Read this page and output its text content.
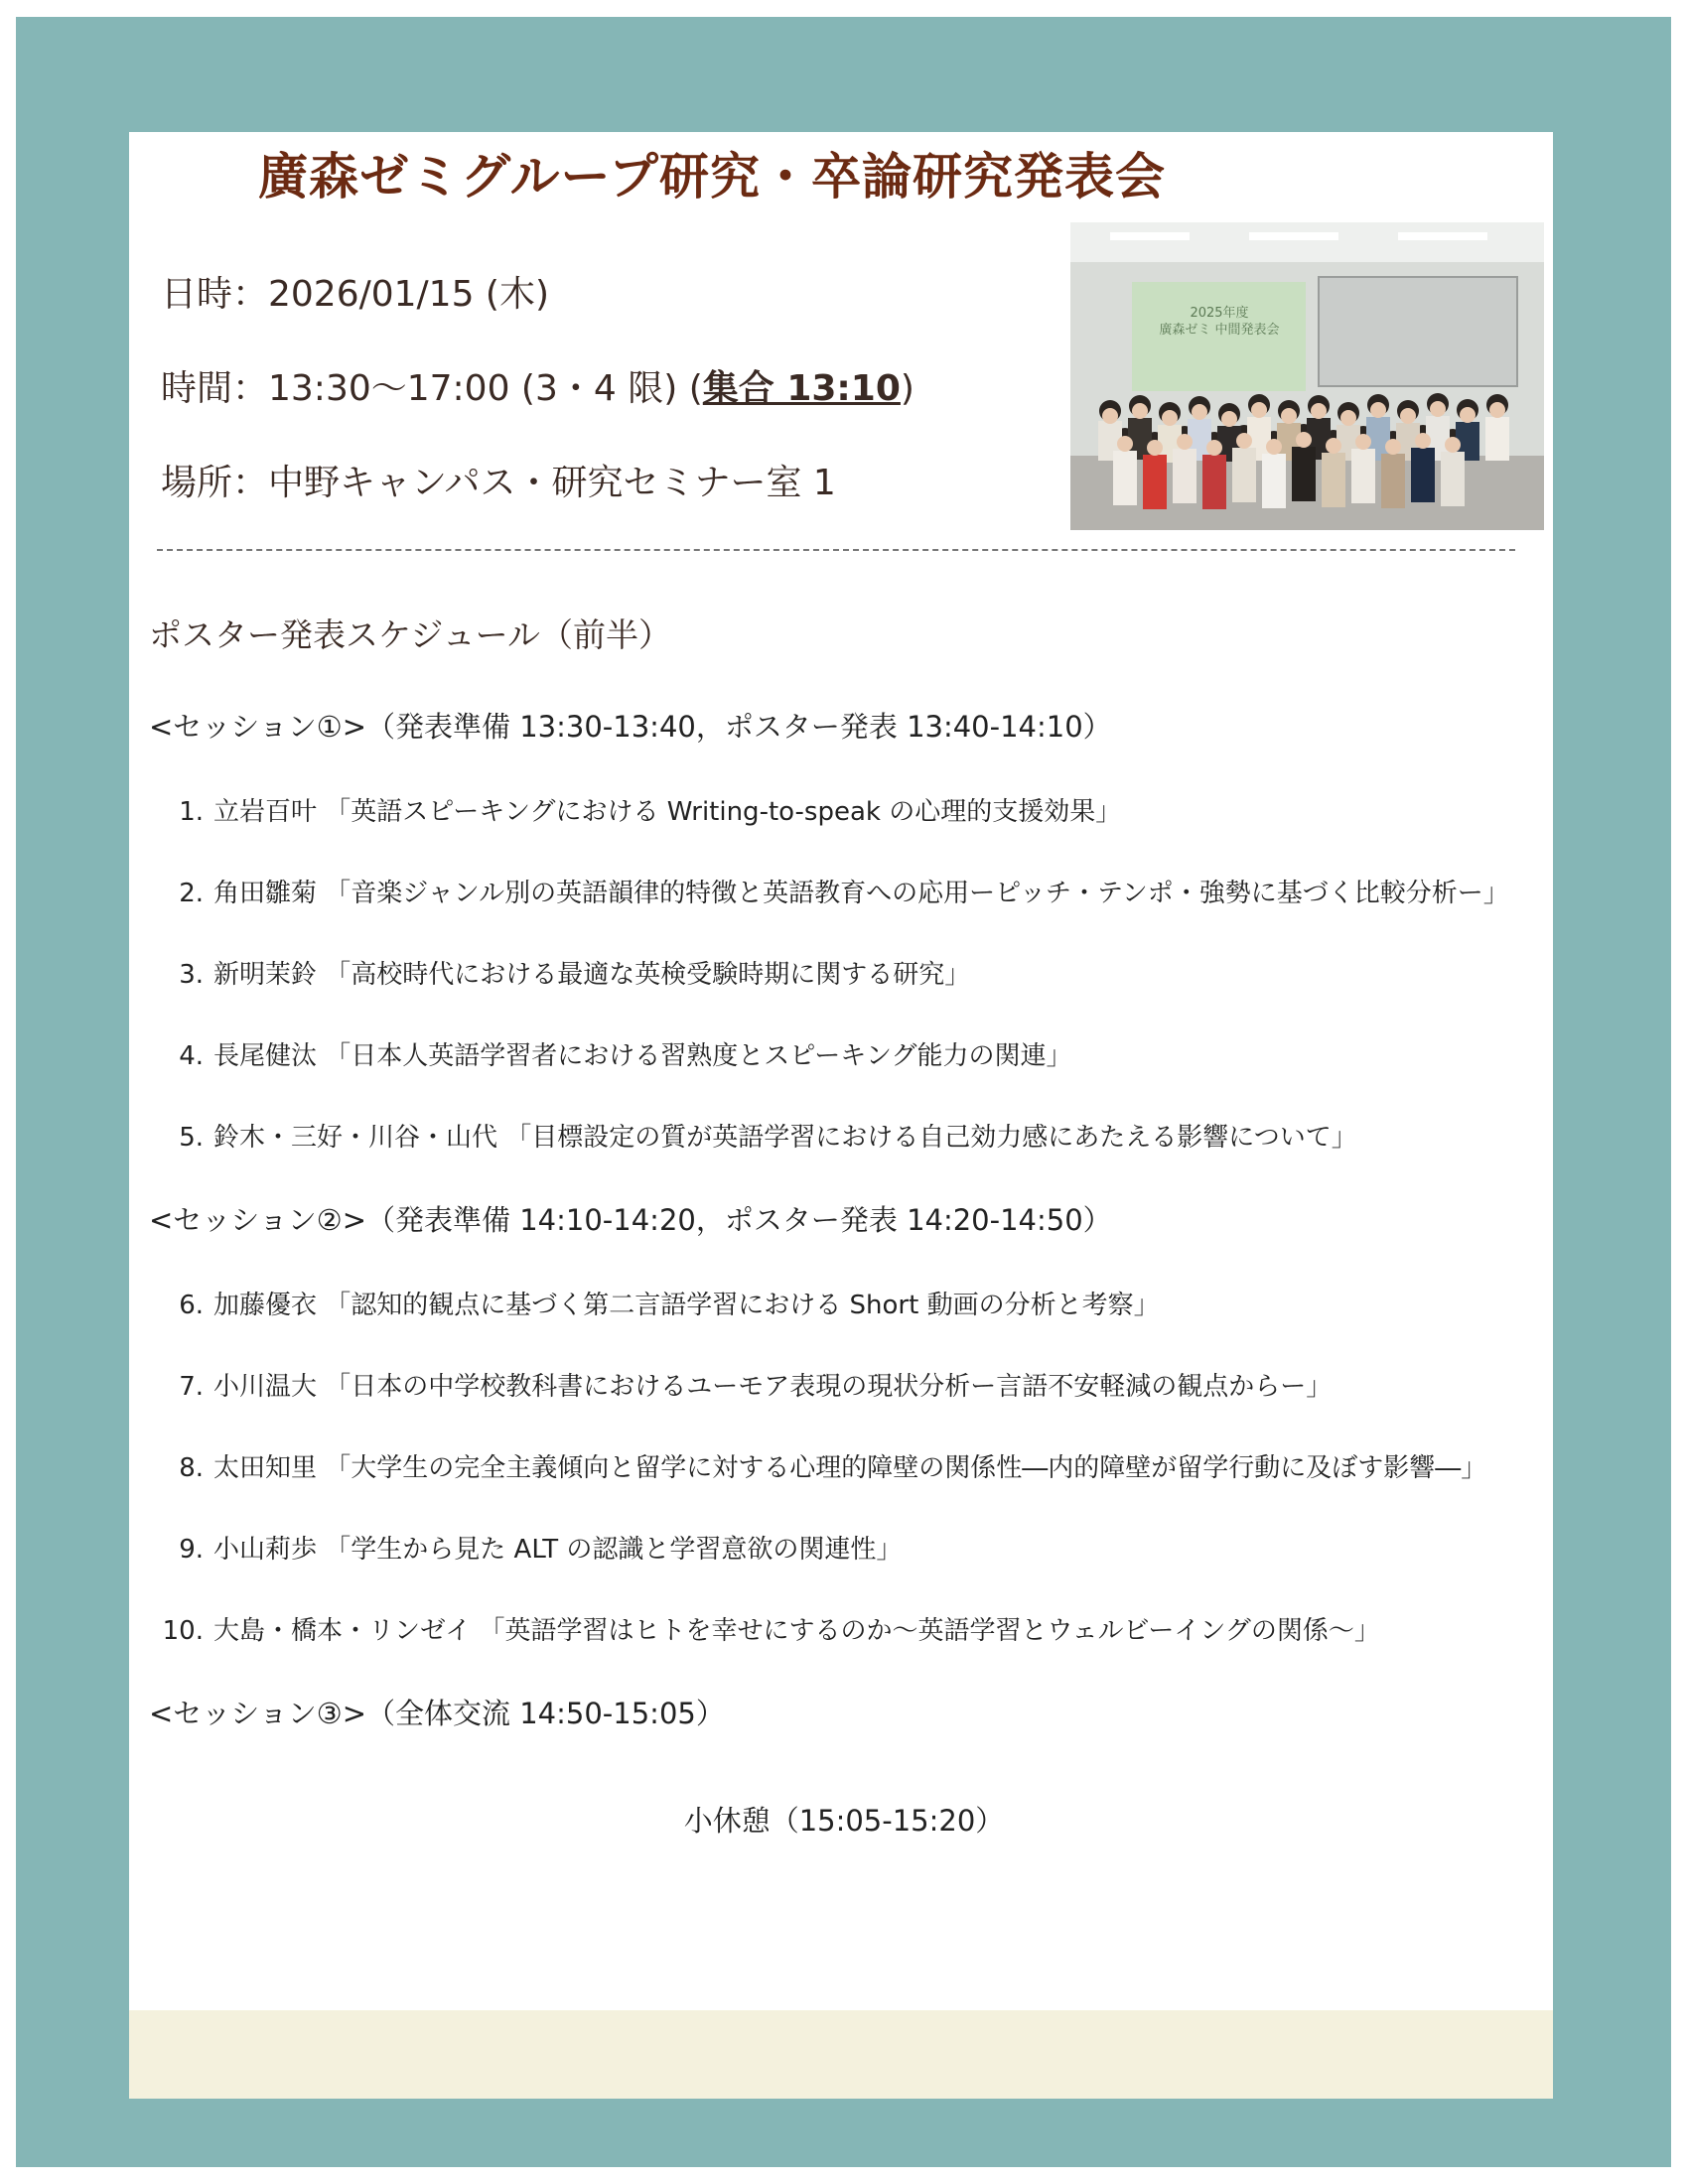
廣森ゼミグループ研究・卒論研究発表会

日時：2026/01/15 (木)

時間：13:30～17:00 (3・4 限) (集合 13:10)

場所：中野キャンパス・研究セミナー室 1

2025年度
廣森ゼミ 中間発表会

ポスター発表スケジュール（前半）

<セッション①>（発表準備 13:30-13:40，ポスター発表 13:40-14:10）

1. 立岩百叶 「英語スピーキングにおける Writing-to-speak の心理的支援効果」

2. 角田雛菊 「音楽ジャンル別の英語韻律的特徴と英語教育への応用ーピッチ・テンポ・強勢に基づく比較分析ー」

3. 新明茉鈴 「高校時代における最適な英検受験時期に関する研究」

4. 長尾健汰 「日本人英語学習者における習熟度とスピーキング能力の関連」

5. 鈴木・三好・川谷・山代 「目標設定の質が英語学習における自己効力感にあたえる影響について」

<セッション②>（発表準備 14:10-14:20，ポスター発表 14:20-14:50）

6. 加藤優衣 「認知的観点に基づく第二言語学習における Short 動画の分析と考察」

7. 小川温大 「日本の中学校教科書におけるユーモア表現の現状分析ー言語不安軽減の観点からー」

8. 太田知里 「大学生の完全主義傾向と留学に対する心理的障壁の関係性―内的障壁が留学行動に及ぼす影響―」

9. 小山莉歩 「学生から見た ALT の認識と学習意欲の関連性」

10. 大島・橋本・リンゼイ 「英語学習はヒトを幸せにするのか～英語学習とウェルビーイングの関係～」

<セッション③>（全体交流 14:50-15:05）

小休憩（15:05-15:20）
